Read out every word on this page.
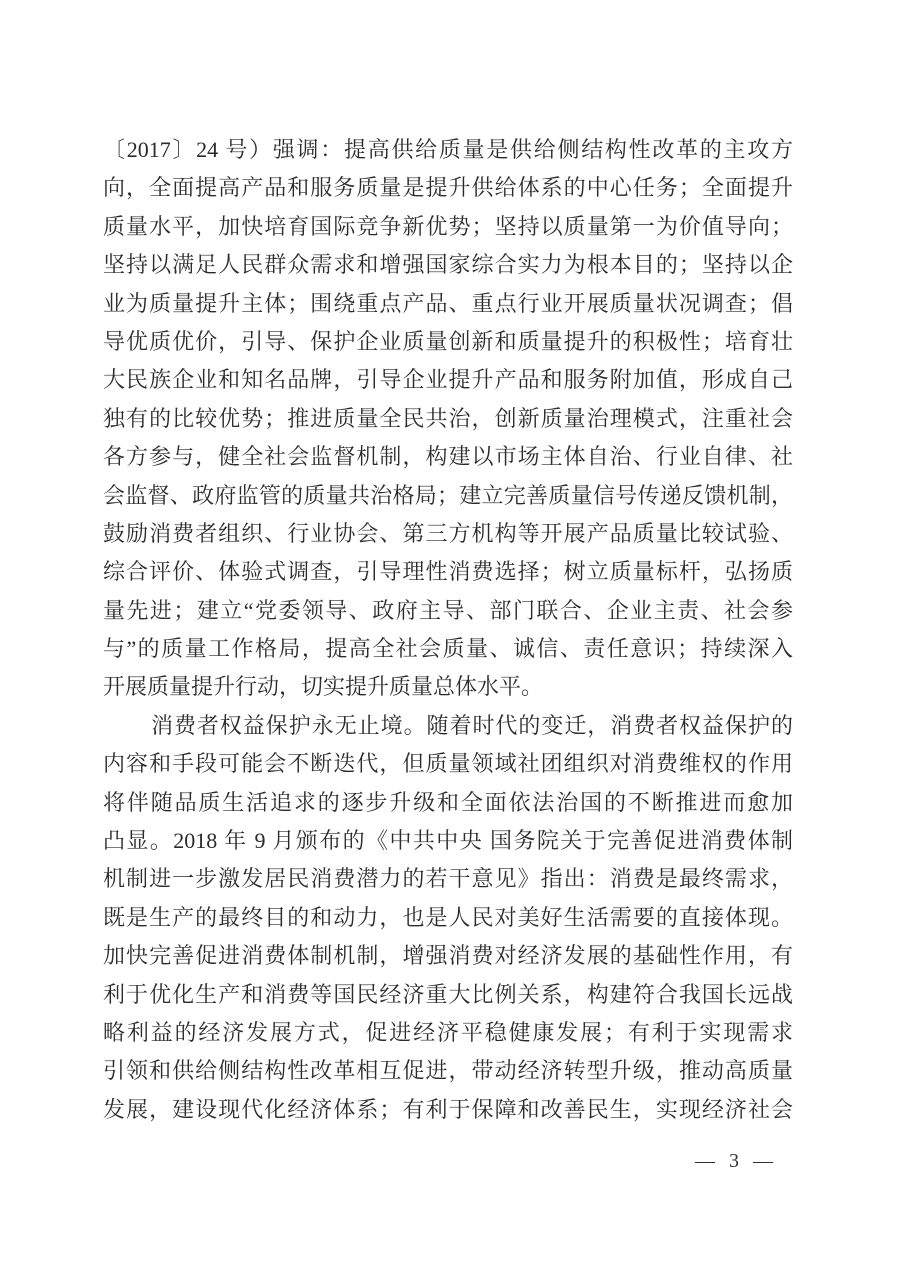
〔2017〕24 号）强调：提高供给质量是供给侧结构性改革的主攻方
向，全面提高产品和服务质量是提升供给体系的中心任务；全面提升
质量水平，加快培育国际竞争新优势；坚持以质量第一为价值导向；
坚持以满足人民群众需求和增强国家综合实力为根本目的；坚持以企
业为质量提升主体；围绕重点产品、重点行业开展质量状况调查；倡
导优质优价，引导、保护企业质量创新和质量提升的积极性；培育壮
大民族企业和知名品牌，引导企业提升产品和服务附加值，形成自己
独有的比较优势；推进质量全民共治，创新质量治理模式，注重社会
各方参与，健全社会监督机制，构建以市场主体自治、行业自律、社
会监督、政府监管的质量共治格局；建立完善质量信号传递反馈机制，
鼓励消费者组织、行业协会、第三方机构等开展产品质量比较试验、
综合评价、体验式调查，引导理性消费选择；树立质量标杆，弘扬质
量先进；建立“党委领导、政府主导、部门联合、企业主责、社会参
与”的质量工作格局，提高全社会质量、诚信、责任意识；持续深入
开展质量提升行动，切实提升质量总体水平。
消费者权益保护永无止境。随着时代的变迁，消费者权益保护的
内容和手段可能会不断迭代，但质量领域社团组织对消费维权的作用
将伴随品质生活追求的逐步升级和全面依法治国的不断推进而愈加
凸显。2018 年 9 月颁布的《中共中央 国务院关于完善促进消费体制
机制进一步激发居民消费潜力的若干意见》指出：消费是最终需求，
既是生产的最终目的和动力，也是人民对美好生活需要的直接体现。
加快完善促进消费体制机制，增强消费对经济发展的基础性作用，有
利于优化生产和消费等国民经济重大比例关系，构建符合我国长远战
略利益的经济发展方式，促进经济平稳健康发展；有利于实现需求
引领和供给侧结构性改革相互促进，带动经济转型升级，推动高质量
发展，建设现代化经济体系；有利于保障和改善民生，实现经济社会
— 3 —
